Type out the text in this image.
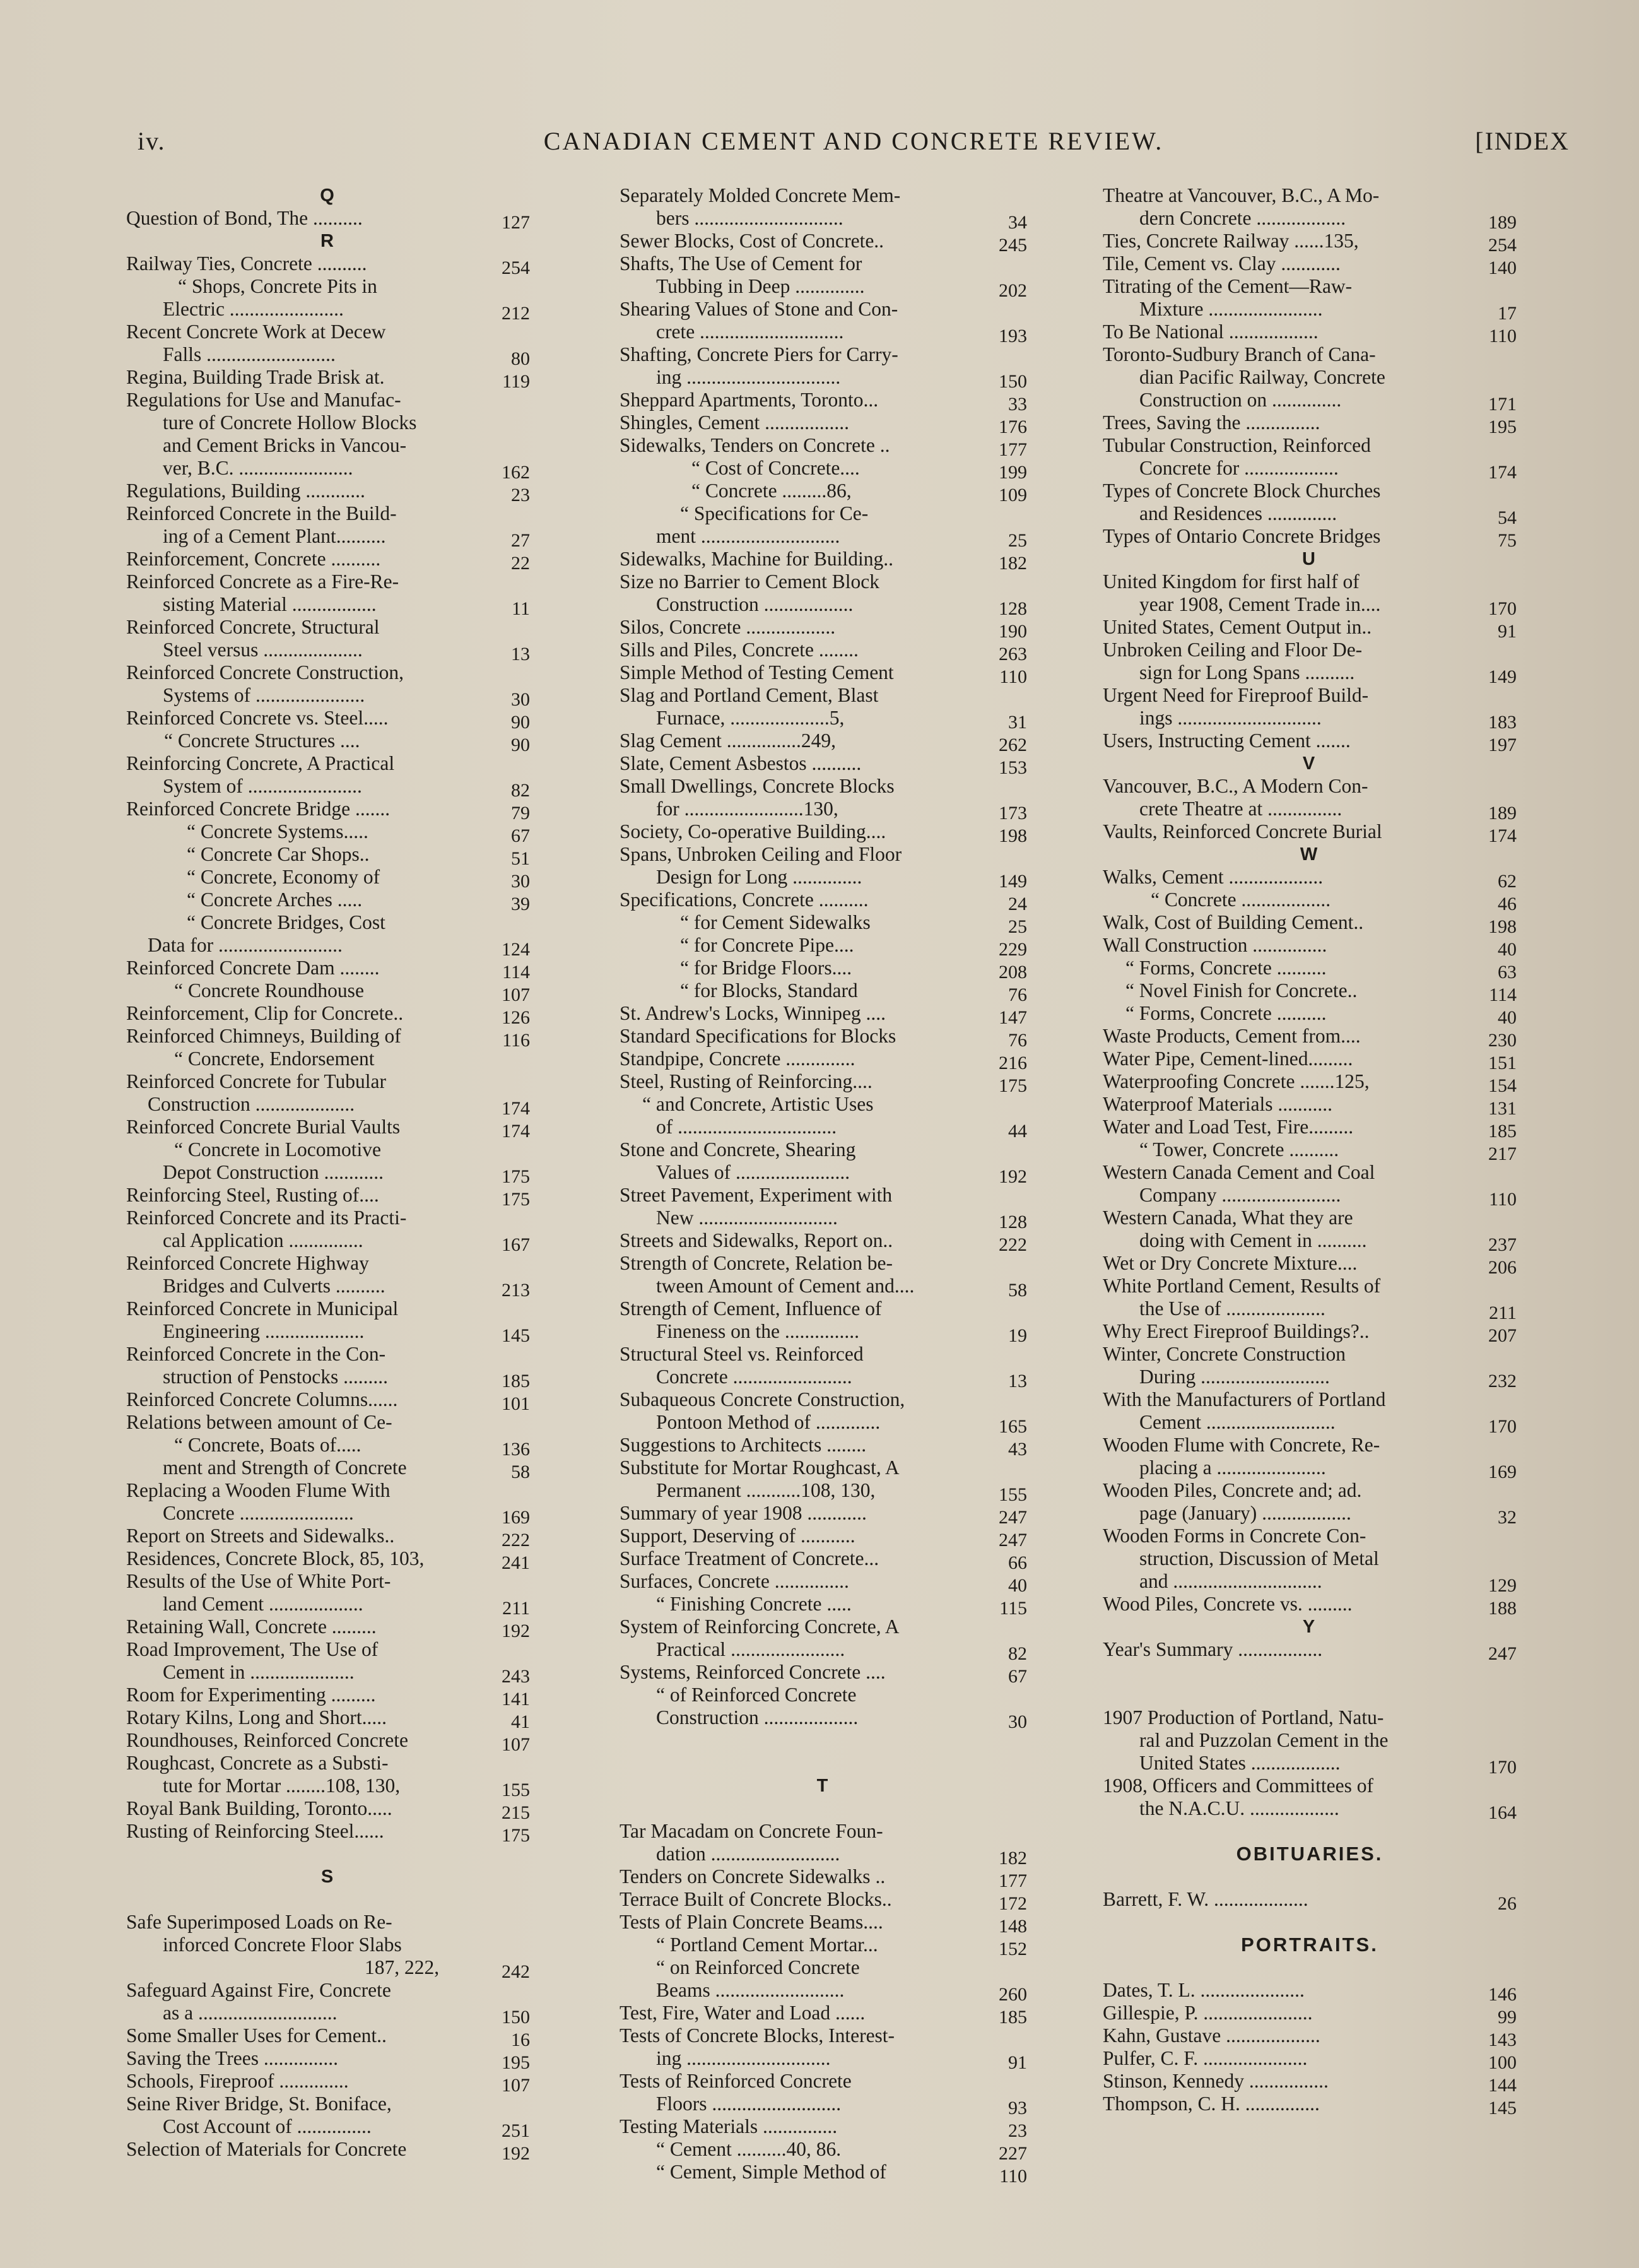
iv.	CANADIAN CEMENT AND CONCRETE REVIEW.	[INDEX
Q
Question of Bond, The ..........	127
R
Railway Ties, Concrete ..........	254
“ Shops, Concrete Pits in
Electric .......................	212
Recent Concrete Work at Decew
Falls ..........................	80
Regina, Building Trade Brisk at.	119
Regulations for Use and Manufac-
ture of Concrete Hollow Blocks
and Cement Bricks in Vancou-
ver, B.C. .......................	162
Regulations, Building ............	23
Reinforced Concrete in the Build-
ing of a Cement Plant..........	27
Reinforcement, Concrete ..........	22
Reinforced Concrete as a Fire-Re-
sisting Material .................	11
Reinforced Concrete, Structural
Steel versus ....................	13
Reinforced Concrete Construction,
Systems of ......................	30
Reinforced Concrete vs. Steel.....	90
“ Concrete Structures ....	90
Reinforcing Concrete, A Practical
System of .......................	82
Reinforced Concrete Bridge .......	79
“ Concrete Systems.....	67
“ Concrete Car Shops..	51
“ Concrete, Economy of	30
“ Concrete Arches .....	39
“ Concrete Bridges, Cost
Data for .........................	124
Reinforced Concrete Dam ........	114
“ Concrete Roundhouse	107
Reinforcement, Clip for Concrete..	126
Reinforced Chimneys, Building of	116
“ Concrete, Endorsement
Reinforced Concrete for Tubular
Construction ....................	174
Reinforced Concrete Burial Vaults	174
“ Concrete in Locomotive
Depot Construction ............	175
Reinforcing Steel, Rusting of....	175
Reinforced Concrete and its Practi-
cal Application ...............	167
Reinforced Concrete Highway
Bridges and Culverts ..........	213
Reinforced Concrete in Municipal
Engineering ....................	145
Reinforced Concrete in the Con-
struction of Penstocks .........	185
Reinforced Concrete Columns......	101
Relations between amount of Ce-
“ Concrete, Boats of.....	136
ment and Strength of Concrete	58
Replacing a Wooden Flume With
Concrete .......................	169
Report on Streets and Sidewalks..	222
Residences, Concrete Block, 85, 103,	241
Results of the Use of White Port-
land Cement ...................	211
Retaining Wall, Concrete .........	192
Road Improvement, The Use of
Cement in .....................	243
Room for Experimenting .........	141
Rotary Kilns, Long and Short.....	41
Roundhouses, Reinforced Concrete	107
Roughcast, Concrete as a Substi-
tute for Mortar ........108, 130,	155
Royal Bank Building, Toronto.....	215
Rusting of Reinforcing Steel......	175
S
Safe Superimposed Loads on Re-
inforced Concrete Floor Slabs
187, 222,	242
Safeguard Against Fire, Concrete
as a ............................	150
Some Smaller Uses for Cement..	16
Saving the Trees ...............	195
Schools, Fireproof ..............	107
Seine River Bridge, St. Boniface,
Cost Account of ...............	251
Selection of Materials for Concrete	192
Separately Molded Concrete Mem-
bers ..............................	34
Sewer Blocks, Cost of Concrete..	245
Shafts, The Use of Cement for
Tubbing in Deep ..............	202
Shearing Values of Stone and Con-
crete .............................	193
Shafting, Concrete Piers for Carry-
ing ...............................	150
Sheppard Apartments, Toronto...	33
Shingles, Cement .................	176
Sidewalks, Tenders on Concrete ..	177
“ Cost of Concrete....	199
“ Concrete .........86,	109
“ Specifications for Ce-
ment ............................	25
Sidewalks, Machine for Building..	182
Size no Barrier to Cement Block
Construction ..................	128
Silos, Concrete ..................	190
Sills and Piles, Concrete ........	263
Simple Method of Testing Cement	110
Slag and Portland Cement, Blast
Furnace, ....................5,	31
Slag Cement ...............249,	262
Slate, Cement Asbestos ..........	153
Small Dwellings, Concrete Blocks
for ........................130,	173
Society, Co-operative Building....	198
Spans, Unbroken Ceiling and Floor
Design for Long ..............	149
Specifications, Concrete ..........	24
“ for Cement Sidewalks	25
“ for Concrete Pipe....	229
“ for Bridge Floors....	208
“ for Blocks, Standard	76
St. Andrew's Locks, Winnipeg ....	147
Standard Specifications for Blocks	76
Standpipe, Concrete ..............	216
Steel, Rusting of Reinforcing....	175
“ and Concrete, Artistic Uses
of ................................	44
Stone and Concrete, Shearing
Values of .......................	192
Street Pavement, Experiment with
New ............................	128
Streets and Sidewalks, Report on..	222
Strength of Concrete, Relation be-
tween Amount of Cement and....	58
Strength of Cement, Influence of
Fineness on the ...............	19
Structural Steel vs. Reinforced
Concrete ........................	13
Subaqueous Concrete Construction,
Pontoon Method of .............	165
Suggestions to Architects ........	43
Substitute for Mortar Roughcast, A
Permanent ...........108, 130,	155
Summary of year 1908 ............	247
Support, Deserving of ...........	247
Surface Treatment of Concrete...	66
Surfaces, Concrete ...............	40
“ Finishing Concrete .....	115
System of Reinforcing Concrete, A
Practical .......................	82
Systems, Reinforced Concrete ....	67
“ of Reinforced Concrete
Construction ...................	30
T
Tar Macadam on Concrete Foun-
dation ..........................	182
Tenders on Concrete Sidewalks ..	177
Terrace Built of Concrete Blocks..	172
Tests of Plain Concrete Beams....	148
“ Portland Cement Mortar...	152
“ on Reinforced Concrete
Beams ..........................	260
Test, Fire, Water and Load ......	185
Tests of Concrete Blocks, Interest-
ing .............................	91
Tests of Reinforced Concrete
Floors ..........................	93
Testing Materials ...............	23
“ Cement ..........40, 86.	227
“ Cement, Simple Method of	110
Theatre at Vancouver, B.C., A Mo-
dern Concrete ..................	189
Ties, Concrete Railway ......135,	254
Tile, Cement vs. Clay ............	140
Titrating of the Cement—Raw-
Mixture .......................	17
To Be National ..................	110
Toronto-Sudbury Branch of Cana-
dian Pacific Railway, Concrete
Construction on ..............	171
Trees, Saving the ...............	195
Tubular Construction, Reinforced
Concrete for ...................	174
Types of Concrete Block Churches
and Residences ..............	54
Types of Ontario Concrete Bridges	75
U
United Kingdom for first half of
year 1908, Cement Trade in....	170
United States, Cement Output in..	91
Unbroken Ceiling and Floor De-
sign for Long Spans ..........	149
Urgent Need for Fireproof Build-
ings .............................	183
Users, Instructing Cement .......	197
V
Vancouver, B.C., A Modern Con-
crete Theatre at ...............	189
Vaults, Reinforced Concrete Burial	174
W
Walks, Cement ...................	62
“ Concrete ..................	46
Walk, Cost of Building Cement..	198
Wall Construction ...............	40
“ Forms, Concrete ..........	63
“ Novel Finish for Concrete..	114
“ Forms, Concrete ..........	40
Waste Products, Cement from....	230
Water Pipe, Cement-lined.........	151
Waterproofing Concrete .......125,	154
Waterproof Materials ...........	131
Water and Load Test, Fire.........	185
“ Tower, Concrete ..........	217
Western Canada Cement and Coal
Company ........................	110
Western Canada, What they are
doing with Cement in ..........	237
Wet or Dry Concrete Mixture....	206
White Portland Cement, Results of
the Use of ....................	211
Why Erect Fireproof Buildings?..	207
Winter, Concrete Construction
During ..........................	232
With the Manufacturers of Portland
Cement ..........................	170
Wooden Flume with Concrete, Re-
placing a ......................	169
Wooden Piles, Concrete and; ad.
page (January) ..................	32
Wooden Forms in Concrete Con-
struction, Discussion of Metal
and ..............................	129
Wood Piles, Concrete vs. .........	188
Y
Year's Summary .................	247
1907 Production of Portland, Natu-
ral and Puzzolan Cement in the
United States ..................	170
1908, Officers and Committees of
the N.A.C.U. ..................	164
OBITUARIES.
Barrett, F. W. ...................	26
PORTRAITS.
Dates, T. L. .....................	146
Gillespie, P. ......................	99
Kahn, Gustave ...................	143
Pulfer, C. F. .....................	100
Stinson, Kennedy ................	144
Thompson, C. H. ...............	145
